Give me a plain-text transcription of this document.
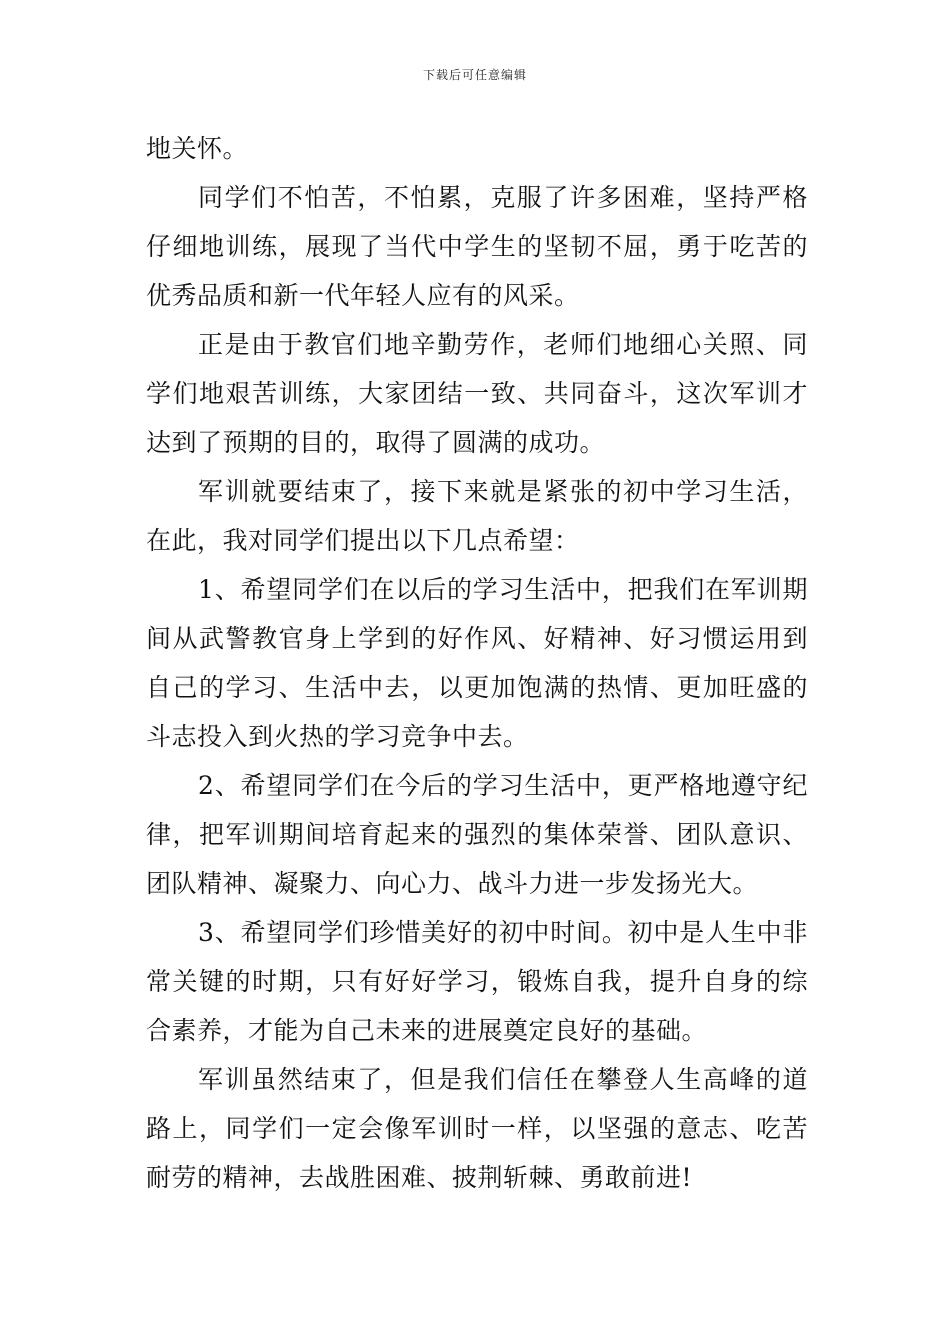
下载后可任意编辑

地关怀。

同学们不怕苦，不怕累，克服了许多困难，坚持严格仔细地训练，展现了当代中学生的坚韧不屈，勇于吃苦的优秀品质和新一代年轻人应有的风采。

正是由于教官们地辛勤劳作，老师们地细心关照、同学们地艰苦训练，大家团结一致、共同奋斗，这次军训才达到了预期的目的，取得了圆满的成功。

军训就要结束了，接下来就是紧张的初中学习生活，在此，我对同学们提出以下几点希望：

1、希望同学们在以后的学习生活中，把我们在军训期间从武警教官身上学到的好作风、好精神、好习惯运用到自己的学习、生活中去，以更加饱满的热情、更加旺盛的斗志投入到火热的学习竞争中去。

2、希望同学们在今后的学习生活中，更严格地遵守纪律，把军训期间培育起来的强烈的集体荣誉、团队意识、团队精神、凝聚力、向心力、战斗力进一步发扬光大。

3、希望同学们珍惜美好的初中时间。初中是人生中非常关键的时期，只有好好学习，锻炼自我，提升自身的综合素养，才能为自己未来的进展奠定良好的基础。

军训虽然结束了，但是我们信任在攀登人生高峰的道路上，同学们一定会像军训时一样，以坚强的意志、吃苦耐劳的精神，去战胜困难、披荆斩棘、勇敢前进!
